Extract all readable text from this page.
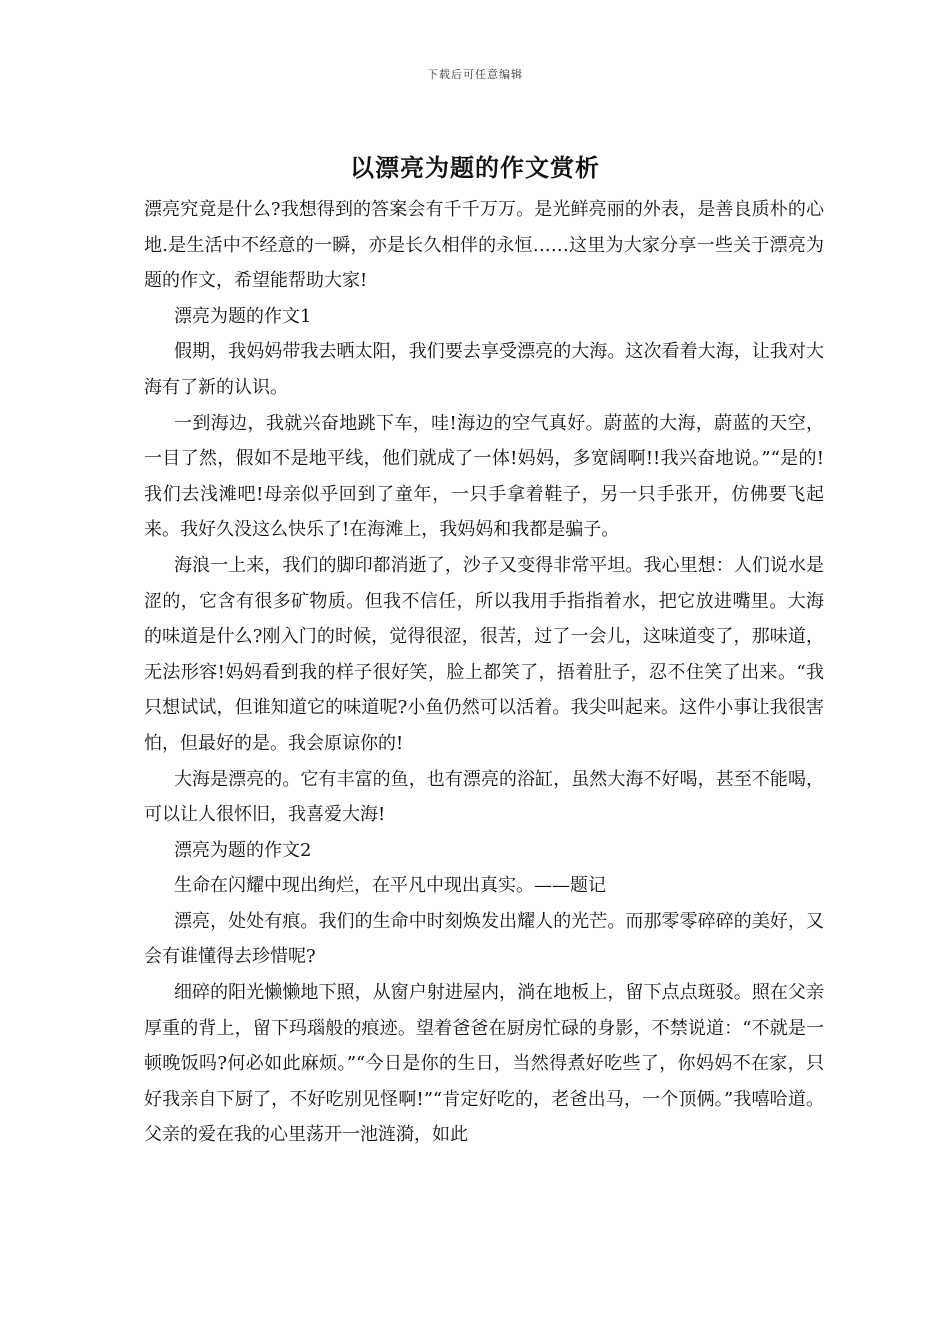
下载后可任意编辑
以漂亮为题的作文赏析

漂亮究竟是什么?我想得到的答案会有千千万万。是光鲜亮丽的外表，是善良质朴的心地.是生活中不经意的一瞬，亦是长久相伴的永恒……这里为大家分享一些关于漂亮为题的作文，希望能帮助大家!

漂亮为题的作文1

假期，我妈妈带我去晒太阳，我们要去享受漂亮的大海。这次看着大海，让我对大海有了新的认识。

一到海边，我就兴奋地跳下车，哇!海边的空气真好。蔚蓝的大海，蔚蓝的天空，一目了然，假如不是地平线，他们就成了一体!妈妈，多宽阔啊!!我兴奋地说。”“是的!我们去浅滩吧!母亲似乎回到了童年，一只手拿着鞋子，另一只手张开，仿佛要飞起来。我好久没这么快乐了!在海滩上，我妈妈和我都是骗子。

海浪一上来，我们的脚印都消逝了，沙子又变得非常平坦。我心里想：人们说水是涩的，它含有很多矿物质。但我不信任，所以我用手指指着水，把它放进嘴里。大海的味道是什么?刚入门的时候，觉得很涩，很苦，过了一会儿，这味道变了，那味道，无法形容!妈妈看到我的样子很好笑，脸上都笑了，捂着肚子，忍不住笑了出来。“我只想试试，但谁知道它的味道呢?小鱼仍然可以活着。我尖叫起来。这件小事让我很害怕，但最好的是。我会原谅你的!

大海是漂亮的。它有丰富的鱼，也有漂亮的浴缸，虽然大海不好喝，甚至不能喝，可以让人很怀旧，我喜爱大海!

漂亮为题的作文2

生命在闪耀中现出绚烂，在平凡中现出真实。——题记

漂亮，处处有痕。我们的生命中时刻焕发出耀人的光芒。而那零零碎碎的美好，又会有谁懂得去珍惜呢?

细碎的阳光懒懒地下照，从窗户射进屋内，淌在地板上，留下点点斑驳。照在父亲厚重的背上，留下玛瑙般的痕迹。望着爸爸在厨房忙碌的身影，不禁说道：“不就是一顿晚饭吗?何必如此麻烦。”“今日是你的生日，当然得煮好吃些了，你妈妈不在家，只好我亲自下厨了，不好吃别见怪啊!”“肯定好吃的，老爸出马，一个顶俩。”我嘻哈道。父亲的爱在我的心里荡开一池涟漪，如此
